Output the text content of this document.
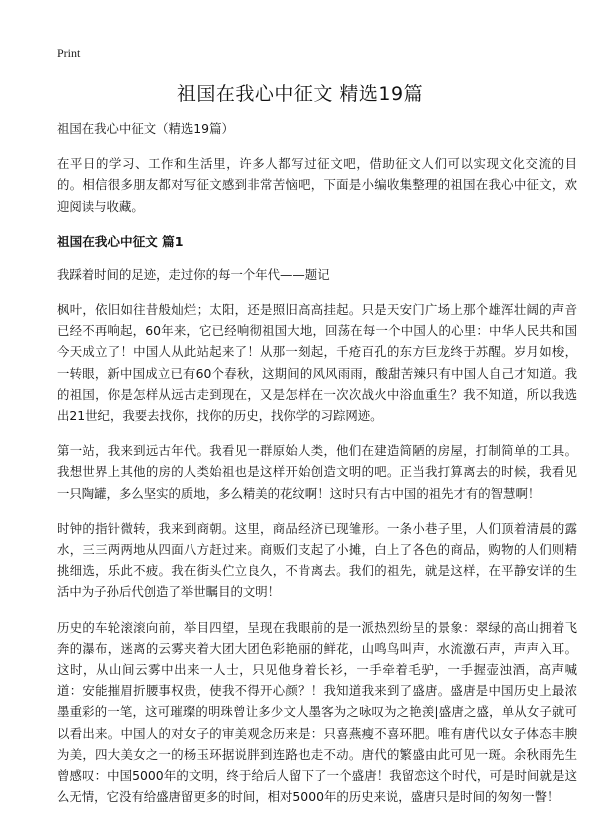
Print
祖国在我心中征文 精选19篇

祖国在我心中征文（精选19篇）

在平日的学习、工作和生活里，许多人都写过征文吧，借助征文人们可以实现文化交流的目的。相信很多朋友都对写征文感到非常苦恼吧，下面是小编收集整理的祖国在我心中征文，欢迎阅读与收藏。

祖国在我心中征文 篇1

我踩着时间的足迹，走过你的每一个年代——题记

枫叶，依旧如往昔般灿烂；太阳，还是照旧高高挂起。只是天安门广场上那个雄浑壮阔的声音已经不再响起，60年来，它已经响彻祖国大地，回荡在每一个中国人的心里：中华人民共和国今天成立了！中国人从此站起来了！从那一刻起，千疮百孔的东方巨龙终于苏醒。岁月如梭，一转眼，新中国成立已有60个春秋，这期间的风风雨雨，酸甜苦辣只有中国人自己才知道。我的祖国，你是怎样从远古走到现在，又是怎样在一次次战火中浴血重生？我不知道，所以我选出21世纪，我要去找你，找你的历史，找你学的习踪网迹。

第一站，我来到远古年代。我看见一群原始人类，他们在建造简陋的房屋，打制简单的工具。我想世界上其他的房的人类始祖也是这样开始创造文明的吧。正当我打算离去的时候，我看见一只陶罐，多么坚实的质地，多么精美的花纹啊！这时只有古中国的祖先才有的智慧啊！

时钟的指针微转，我来到商朝。这里，商品经济已现雏形。一条小巷子里，人们顶着清晨的露水，三三两两地从四面八方赶过来。商贩们支起了小摊，白上了各色的商品，购物的人们则精挑细选，乐此不疲。我在街头伫立良久，不肯离去。我们的祖先，就是这样，在平静安详的生活中为子孙后代创造了举世瞩目的文明！

历史的车轮滚滚向前，举目四望，呈现在我眼前的是一派热烈纷呈的景象：翠绿的高山拥着飞奔的瀑布，迷离的云雾夹着大团大团色彩艳丽的鲜花，山鸣鸟叫声，水流激石声，声声入耳。这时，从山间云雾中出来一人士，只见他身着长衫，一手牵着毛驴，一手握壶浊酒，高声喊道：安能摧眉折腰事权贵，使我不得开心颜？！我知道我来到了盛唐。盛唐是中国历史上最浓墨重彩的一笔，这可璀璨的明珠曾让多少文人墨客为之咏叹为之艳羡|盛唐之盛，单从女子就可以看出来。中国人的对女子的审美观念历来是：只喜燕瘦不喜环肥。唯有唐代以女子体态丰腴为美，四大美女之一的杨玉环据说胖到连路也走不动。唐代的繁盛由此可见一斑。余秋雨先生曾感叹：中国5000年的文明，终于给后人留下了一个盛唐！我留恋这个时代，可是时间就是这么无情，它没有给盛唐留更多的时间，相对5000年的历史来说，盛唐只是时间的匆匆一瞥！
